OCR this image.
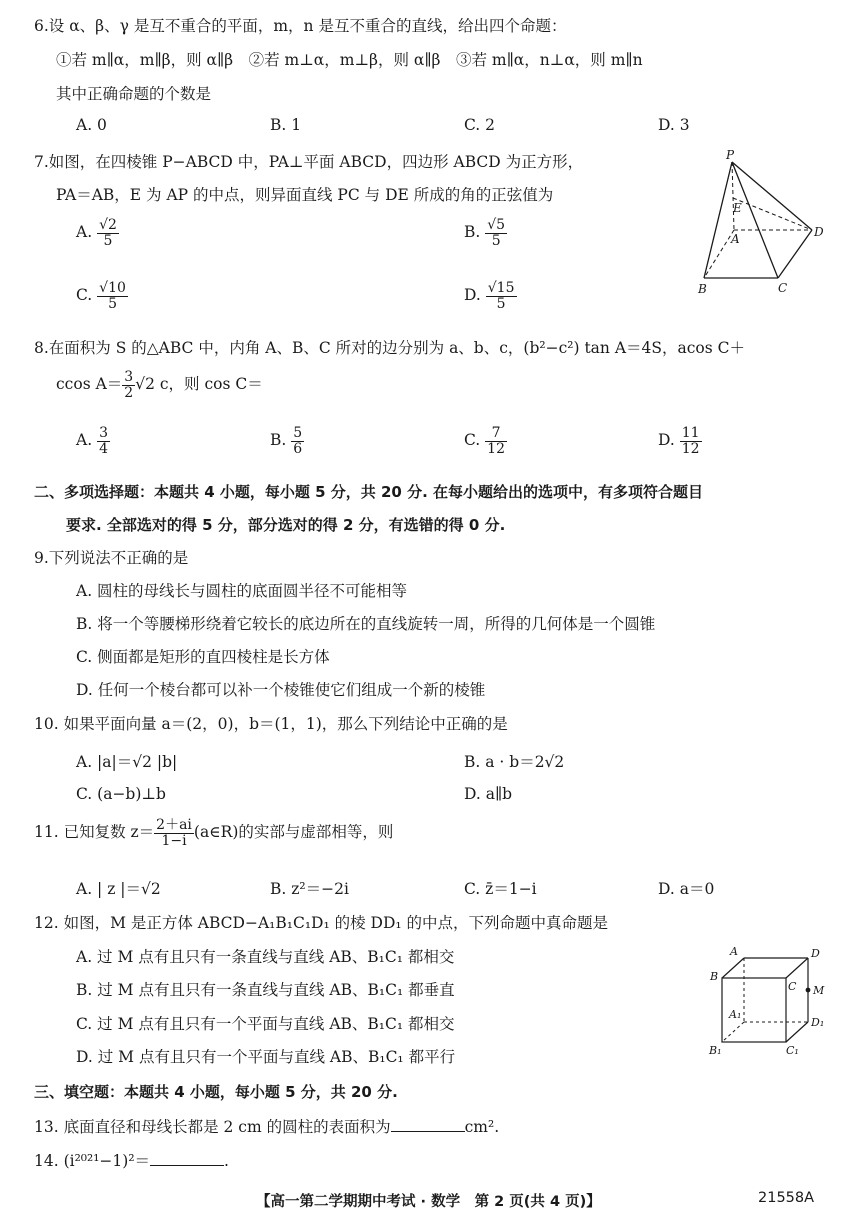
6.设 α、β、γ 是互不重合的平面，m，n 是互不重合的直线，给出四个命题：
①若 m∥α，m∥β，则 α∥β　②若 m⊥α，m⊥β，则 α∥β　③若 m∥α，n⊥α，则 m∥n
其中正确命题的个数是
A. 0	B. 1	C. 2	D. 3
7.如图，在四棱锥 P−ABCD 中，PA⊥平面 ABCD，四边形 ABCD 为正方形，
PA＝AB，E 为 AP 的中点，则异面直线 PC 与 DE 所成的角的正弦值为
A. $\frac{√2}{5}$	B. $\frac{√5}{5}$
C. $\frac{√10}{5}$	D. $\frac{√15}{5}$
P
E
A	D
B	C
8.在面积为 S 的△ABC 中，内角 A、B、C 所对的边分别为 a、b、c，(b²−c²) tan A＝4S，acos C＋
ccos $A= \frac{3}{2} √2$ c，则 cos C＝
A. $\frac{3}{4}$	B. $\frac{5}{6}$	C. $\frac{7}{12}$	D. $\frac{11}{12}$
二、多项选择题：本题共 4 小题，每小题 5 分，共 20 分. 在每小题给出的选项中，有多项符合题目
要求. 全部选对的得 5 分，部分选对的得 2 分，有选错的得 0 分.
9.下列说法不正确的是
A. 圆柱的母线长与圆柱的底面圆半径不可能相等
B. 将一个等腰梯形绕着它较长的底边所在的直线旋转一周，所得的几何体是一个圆锥
C. 侧面都是矩形的直四棱柱是长方体
D. 任何一个棱台都可以补一个棱锥使它们组成一个新的棱锥
10. 如果平面向量 a＝(2，0)，b＝(1，1)，那么下列结论中正确的是
A. |a|＝√2 |b|	B. a · b＝2√2
C. (a−b)⊥b	D. a∥b
11. 已知复数 $z= \frac{2+ai}{1-i}$ (a∈R)的实部与虚部相等，则
A. | z |＝√2	B. z²＝−2i	C. z̄＝1−i	D. a＝0
12. 如图，M 是正方体 ABCD−A₁B₁C₁D₁ 的棱 DD₁ 的中点，下列命题中真命题是
A. 过 M 点有且只有一条直线与直线 AB、B₁C₁ 都相交
B. 过 M 点有且只有一条直线与直线 AB、B₁C₁ 都垂直
C. 过 M 点有且只有一个平面与直线 AB、B₁C₁ 都相交
D. 过 M 点有且只有一个平面与直线 AB、B₁C₁ 都平行
A	D
B
C M
A₁
D₁
B₁	C₁
三、填空题：本题共 4 小题，每小题 5 分，共 20 分.
13. 底面直径和母线长都是 2 cm 的圆柱的表面积为	cm².
14. (i²⁰²¹−1)²＝	.
【高一第二学期期中考试 · 数学　第 2 页(共 4 页)】	21558A
